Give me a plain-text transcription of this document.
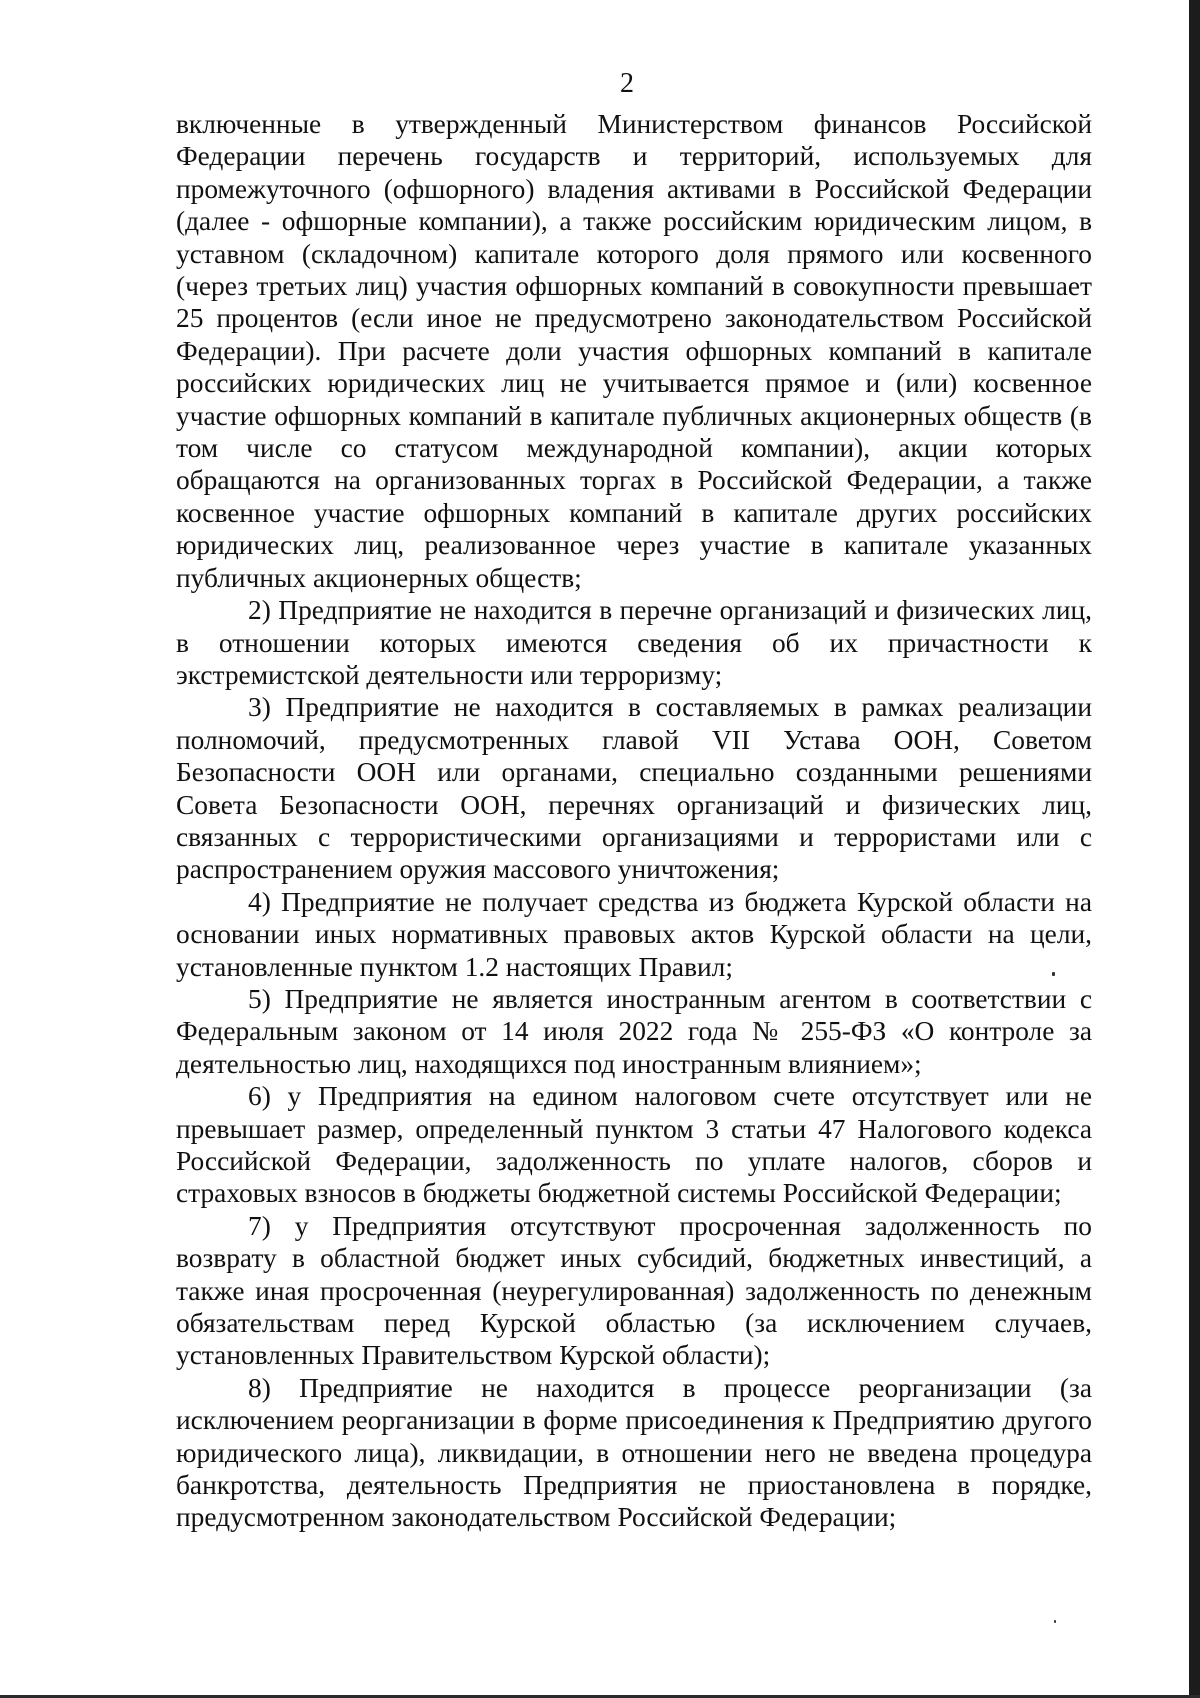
2

включенные в утвержденный Министерством финансов Российской Федерации перечень государств и территорий, используемых для промежуточного (офшорного) владения активами в Российской Федерации (далее - офшорные компании), а также российским юридическим лицом, в уставном (складочном) капитале которого доля прямого или косвенного (через третьих лиц) участия офшорных компаний в совокупности превышает 25 процентов (если иное не предусмотрено законодательством Российской Федерации). При расчете доли участия офшорных компаний в капитале российских юридических лиц не учитывается прямое и (или) косвенное участие офшорных компаний в капитале публичных акционерных обществ (в том числе со статусом международной компании), акции которых обращаются на организованных торгах в Российской Федерации, а также косвенное участие офшорных компаний в капитале других российских юридических лиц, реализованное через участие в капитале указанных публичных акционерных обществ;

2) Предприятие не находится в перечне организаций и физических лиц, в отношении которых имеются сведения об их причастности к экстремистской деятельности или терроризму;

3) Предприятие не находится в составляемых в рамках реализации полномочий, предусмотренных главой VII Устава ООН, Советом Безопасности ООН или органами, специально созданными решениями Совета Безопасности ООН, перечнях организаций и физических лиц, связанных с террористическими организациями и террористами или с распространением оружия массового уничтожения;

4) Предприятие не получает средства из бюджета Курской области на основании иных нормативных правовых актов Курской области на цели, установленные пунктом 1.2 настоящих Правил;

5) Предприятие не является иностранным агентом в соответствии с Федеральным законом от 14 июля 2022 года № 255-ФЗ «О контроле за деятельностью лиц, находящихся под иностранным влиянием»;

6) у Предприятия на едином налоговом счете отсутствует или не превышает размер, определенный пунктом 3 статьи 47 Налогового кодекса Российской Федерации, задолженность по уплате налогов, сборов и страховых взносов в бюджеты бюджетной системы Российской Федерации;

7) у Предприятия отсутствуют просроченная задолженность по возврату в областной бюджет иных субсидий, бюджетных инвестиций, а также иная просроченная (неурегулированная) задолженность по денежным обязательствам перед Курской областью (за исключением случаев, установленных Правительством Курской области);

8) Предприятие не находится в процессе реорганизации (за исключением реорганизации в форме присоединения к Предприятию другого юридического лица), ликвидации, в отношении него не введена процедура банкротства, деятельность Предприятия не приостановлена в порядке, предусмотренном законодательством Российской Федерации;
